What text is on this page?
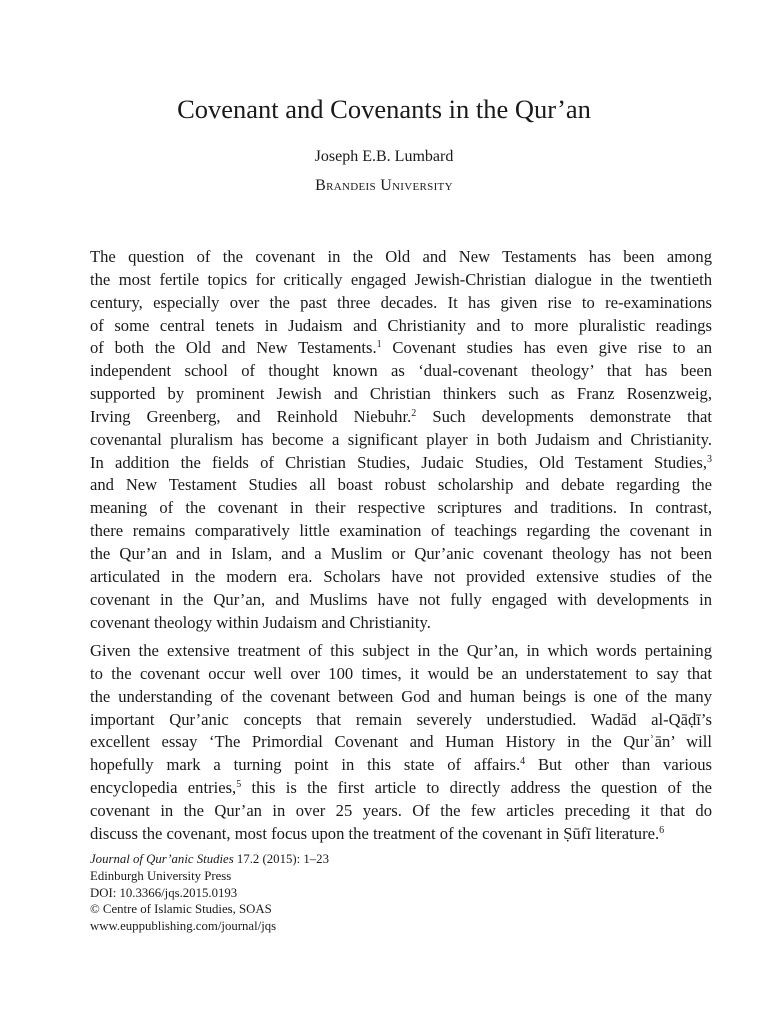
Covenant and Covenants in the Qur’an
Joseph E.B. Lumbard
Brandeis University
The question of the covenant in the Old and New Testaments has been among
the most fertile topics for critically engaged Jewish-Christian dialogue in the twentieth
century, especially over the past three decades. It has given rise to re-examinations
of some central tenets in Judaism and Christianity and to more pluralistic readings
of both the Old and New Testaments.$^1$ Covenant studies has even give rise to an
independent school of thought known as ‘dual-covenant theology’ that has been
supported by prominent Jewish and Christian thinkers such as Franz Rosenzweig,
Irving Greenberg, and Reinhold Niebuhr.$^2$ Such developments demonstrate that
covenantal pluralism has become a significant player in both Judaism and Christianity.
In addition the fields of Christian Studies, Judaic Studies, Old Testament Studies,$^3$
and New Testament Studies all boast robust scholarship and debate regarding the
meaning of the covenant in their respective scriptures and traditions. In contrast,
there remains comparatively little examination of teachings regarding the covenant in
the Qur’an and in Islam, and a Muslim or Qur’anic covenant theology has not been
articulated in the modern era. Scholars have not provided extensive studies of the
covenant in the Qur’an, and Muslims have not fully engaged with developments in
covenant theology within Judaism and Christianity.
Given the extensive treatment of this subject in the Qur’an, in which words pertaining
to the covenant occur well over 100 times, it would be an understatement to say that
the understanding of the covenant between God and human beings is one of the many
important Qur’anic concepts that remain severely understudied. Wadād al-Qāḍī’s
excellent essay ‘The Primordial Covenant and Human History in the Qurʾān’ will
hopefully mark a turning point in this state of affairs.$^4$ But other than various
encyclopedia entries,$^5$ this is the first article to directly address the question of the
covenant in the Qur’an in over 25 years. Of the few articles preceding it that do
discuss the covenant, most focus upon the treatment of the covenant in Ṣūfī literature.$^6$
Journal of Qur’anic Studies 17.2 (2015): 1–23
Edinburgh University Press
DOI: 10.3366/jqs.2015.0193
© Centre of Islamic Studies, SOAS
www.euppublishing.com/journal/jqs
